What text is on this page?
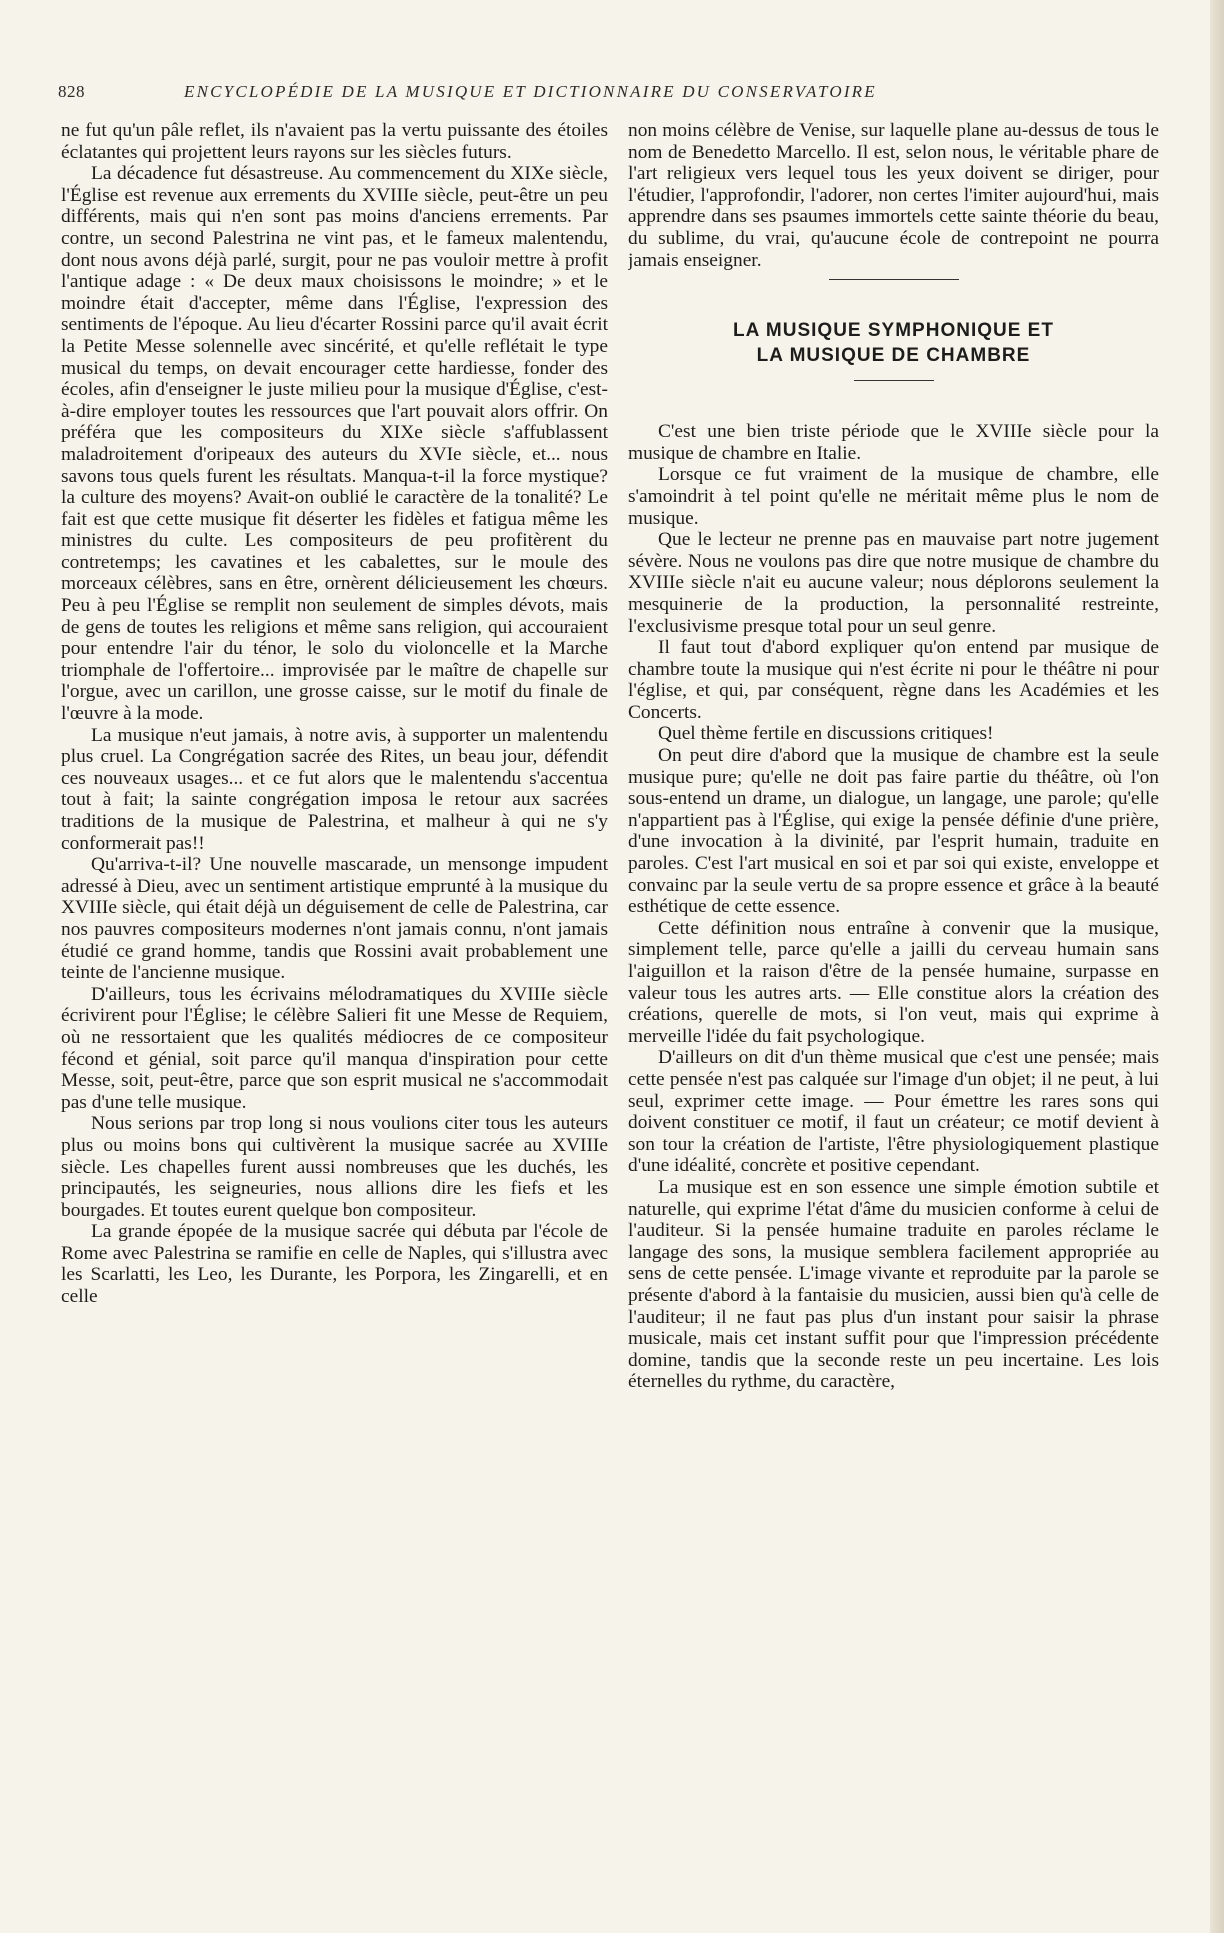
828	ENCYCLOPÉDIE DE LA MUSIQUE ET DICTIONNAIRE DU CONSERVATOIRE

ne fut qu'un pâle reflet, ils n'avaient pas la vertu puissante des étoiles éclatantes qui projettent leurs rayons sur les siècles futurs.

La décadence fut désastreuse. Au commencement du XIXe siècle, l'Église est revenue aux errements du XVIIIe siècle, peut-être un peu différents, mais qui n'en sont pas moins d'anciens errements. Par contre, un second Palestrina ne vint pas, et le fameux malentendu, dont nous avons déjà parlé, surgit, pour ne pas vouloir mettre à profit l'antique adage : « De deux maux choisissons le moindre; » et le moindre était d'accepter, même dans l'Église, l'expression des sentiments de l'époque. Au lieu d'écarter Rossini parce qu'il avait écrit la Petite Messe solennelle avec sincérité, et qu'elle reflétait le type musical du temps, on devait encourager cette hardiesse, fonder des écoles, afin d'enseigner le juste milieu pour la musique d'Église, c'est-à-dire employer toutes les ressources que l'art pouvait alors offrir. On préféra que les compositeurs du XIXe siècle s'affublassent maladroitement d'oripeaux des auteurs du XVIe siècle, et... nous savons tous quels furent les résultats. Manqua-t-il la force mystique? la culture des moyens? Avait-on oublié le caractère de la tonalité? Le fait est que cette musique fit déserter les fidèles et fatigua même les ministres du culte. Les compositeurs de peu profitèrent du contretemps; les cavatines et les cabalettes, sur le moule des morceaux célèbres, sans en être, ornèrent délicieusement les chœurs. Peu à peu l'Église se remplit non seulement de simples dévots, mais de gens de toutes les religions et même sans religion, qui accouraient pour entendre l'air du ténor, le solo du violoncelle et la Marche triomphale de l'offertoire... improvisée par le maître de chapelle sur l'orgue, avec un carillon, une grosse caisse, sur le motif du finale de l'œuvre à la mode.

La musique n'eut jamais, à notre avis, à supporter un malentendu plus cruel. La Congrégation sacrée des Rites, un beau jour, défendit ces nouveaux usages... et ce fut alors que le malentendu s'accentua tout à fait; la sainte congrégation imposa le retour aux sacrées traditions de la musique de Palestrina, et malheur à qui ne s'y conformerait pas!!

Qu'arriva-t-il? Une nouvelle mascarade, un mensonge impudent adressé à Dieu, avec un sentiment artistique emprunté à la musique du XVIIIe siècle, qui était déjà un déguisement de celle de Palestrina, car nos pauvres compositeurs modernes n'ont jamais connu, n'ont jamais étudié ce grand homme, tandis que Rossini avait probablement une teinte de l'ancienne musique.

D'ailleurs, tous les écrivains mélodramatiques du XVIIIe siècle écrivirent pour l'Église; le célèbre Salieri fit une Messe de Requiem, où ne ressortaient que les qualités médiocres de ce compositeur fécond et génial, soit parce qu'il manqua d'inspiration pour cette Messe, soit, peut-être, parce que son esprit musical ne s'accommodait pas d'une telle musique.

Nous serions par trop long si nous voulions citer tous les auteurs plus ou moins bons qui cultivèrent la musique sacrée au XVIIIe siècle. Les chapelles furent aussi nombreuses que les duchés, les principautés, les seigneuries, nous allions dire les fiefs et les bourgades. Et toutes eurent quelque bon compositeur.

La grande épopée de la musique sacrée qui débuta par l'école de Rome avec Palestrina se ramifie en celle de Naples, qui s'illustra avec les Scarlatti, les Leo, les Durante, les Porpora, les Zingarelli, et en celle

non moins célèbre de Venise, sur laquelle plane au-dessus de tous le nom de Benedetto Marcello. Il est, selon nous, le véritable phare de l'art religieux vers lequel tous les yeux doivent se diriger, pour l'étudier, l'approfondir, l'adorer, non certes l'imiter aujourd'hui, mais apprendre dans ses psaumes immortels cette sainte théorie du beau, du sublime, du vrai, qu'aucune école de contrepoint ne pourra jamais enseigner.

LA MUSIQUE SYMPHONIQUE ET

LA MUSIQUE DE CHAMBRE

C'est une bien triste période que le XVIIIe siècle pour la musique de chambre en Italie.

Lorsque ce fut vraiment de la musique de chambre, elle s'amoindrit à tel point qu'elle ne méritait même plus le nom de musique.

Que le lecteur ne prenne pas en mauvaise part notre jugement sévère. Nous ne voulons pas dire que notre musique de chambre du XVIIIe siècle n'ait eu aucune valeur; nous déplorons seulement la mesquinerie de la production, la personnalité restreinte, l'exclusivisme presque total pour un seul genre.

Il faut tout d'abord expliquer qu'on entend par musique de chambre toute la musique qui n'est écrite ni pour le théâtre ni pour l'église, et qui, par conséquent, règne dans les Académies et les Concerts.

Quel thème fertile en discussions critiques!

On peut dire d'abord que la musique de chambre est la seule musique pure; qu'elle ne doit pas faire partie du théâtre, où l'on sous-entend un drame, un dialogue, un langage, une parole; qu'elle n'appartient pas à l'Église, qui exige la pensée définie d'une prière, d'une invocation à la divinité, par l'esprit humain, traduite en paroles. C'est l'art musical en soi et par soi qui existe, enveloppe et convainc par la seule vertu de sa propre essence et grâce à la beauté esthétique de cette essence.

Cette définition nous entraîne à convenir que la musique, simplement telle, parce qu'elle a jailli du cerveau humain sans l'aiguillon et la raison d'être de la pensée humaine, surpasse en valeur tous les autres arts. — Elle constitue alors la création des créations, querelle de mots, si l'on veut, mais qui exprime à merveille l'idée du fait psychologique.

D'ailleurs on dit d'un thème musical que c'est une pensée; mais cette pensée n'est pas calquée sur l'image d'un objet; il ne peut, à lui seul, exprimer cette image. — Pour émettre les rares sons qui doivent constituer ce motif, il faut un créateur; ce motif devient à son tour la création de l'artiste, l'être physiologiquement plastique d'une idéalité, concrète et positive cependant.

La musique est en son essence une simple émotion subtile et naturelle, qui exprime l'état d'âme du musicien conforme à celui de l'auditeur. Si la pensée humaine traduite en paroles réclame le langage des sons, la musique semblera facilement appropriée au sens de cette pensée. L'image vivante et reproduite par la parole se présente d'abord à la fantaisie du musicien, aussi bien qu'à celle de l'auditeur; il ne faut pas plus d'un instant pour saisir la phrase musicale, mais cet instant suffit pour que l'impression précédente domine, tandis que la seconde reste un peu incertaine. Les lois éternelles du rythme, du caractère,
